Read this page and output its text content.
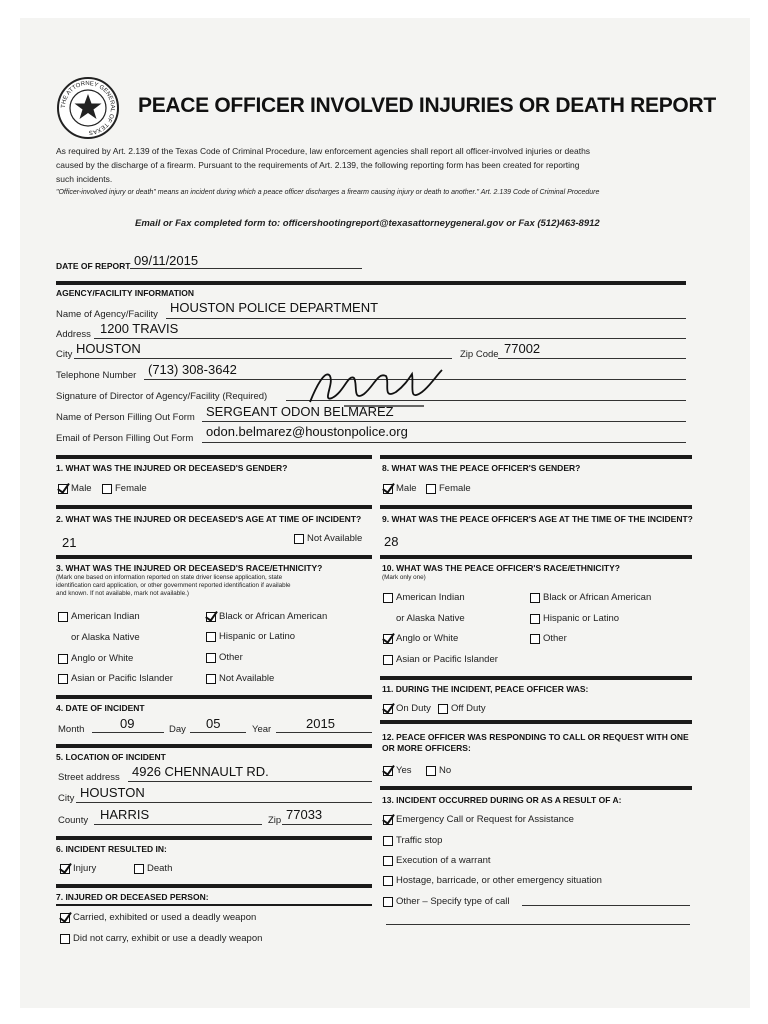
THE ATTORNEY GENERAL OF TEXAS
PEACE OFFICER INVOLVED INJURIES OR DEATH REPORT
As required by Art. 2.139 of the Texas Code of Criminal Procedure, law enforcement agencies shall report all officer-involved injuries or deaths
caused by the discharge of a firearm. Pursuant to the requirements of Art. 2.139, the following reporting form has been created for reporting
such incidents.
"Officer-involved injury or death" means an incident during which a peace officer discharges a firearm causing injury or death to another." Art. 2.139 Code of Criminal Procedure
Email or Fax completed form to: officershootingreport@texasattorneygeneral.gov or Fax (512)463-8912
DATE OF REPORT 09/11/2015
AGENCY/FACILITY INFORMATION
Name of Agency/Facility HOUSTON POLICE DEPARTMENT
Address 1200 TRAVIS
City HOUSTON	Zip Code 77002
Telephone Number (713) 308-3642
Signature of Director of Agency/Facility (Required)
Name of Person Filling Out Form SERGEANT ODON BELMAREZ
Email of Person Filling Out Form odon.belmarez@houstonpolice.org
1. WHAT WAS THE INJURED OR DECEASED'S GENDER?
Male Female
2. WHAT WAS THE INJURED OR DECEASED'S AGE AT TIME OF INCIDENT?
Not Available
21
3. WHAT WAS THE INJURED OR DECEASED'S RACE/ETHNICITY?
(Mark one based on information reported on state driver license application, state
identification card application, or other government reported identification if available
and known. If not available, mark not available.)
American Indian
or Alaska Native
Black or African American
Hispanic or Latino
Anglo or White	Other
Asian or Pacific Islander	Not Available
4. DATE OF INCIDENT
Month	09	Day 05	Year	2015
5. LOCATION OF INCIDENT
Street address 4926 CHENNAULT RD.
City HOUSTON
County HARRIS	Zip 77033
6. INCIDENT RESULTED IN:
Injury	Death
7. INJURED OR DECEASED PERSON:
Carried, exhibited or used a deadly weapon
Did not carry, exhibit or use a deadly weapon
8. WHAT WAS THE PEACE OFFICER'S GENDER?
Male Female
9. WHAT WAS THE PEACE OFFICER'S AGE AT THE TIME OF THE INCIDENT?
28
10. WHAT WAS THE PEACE OFFICER'S RACE/ETHNICITY?
(Mark only one)
American Indian
or Alaska Native
Black or African American
Hispanic or Latino
Anglo or White	Other
Asian or Pacific Islander
11. DURING THE INCIDENT, PEACE OFFICER WAS:
On Duty Off Duty
12. PEACE OFFICER WAS RESPONDING TO CALL OR REQUEST WITH ONE
OR MORE OFFICERS:
Yes	No
13. INCIDENT OCCURRED DURING OR AS A RESULT OF A:
Emergency Call or Request for Assistance
Traffic stop
Execution of a warrant
Hostage, barricade, or other emergency situation
Other – Specify type of call
